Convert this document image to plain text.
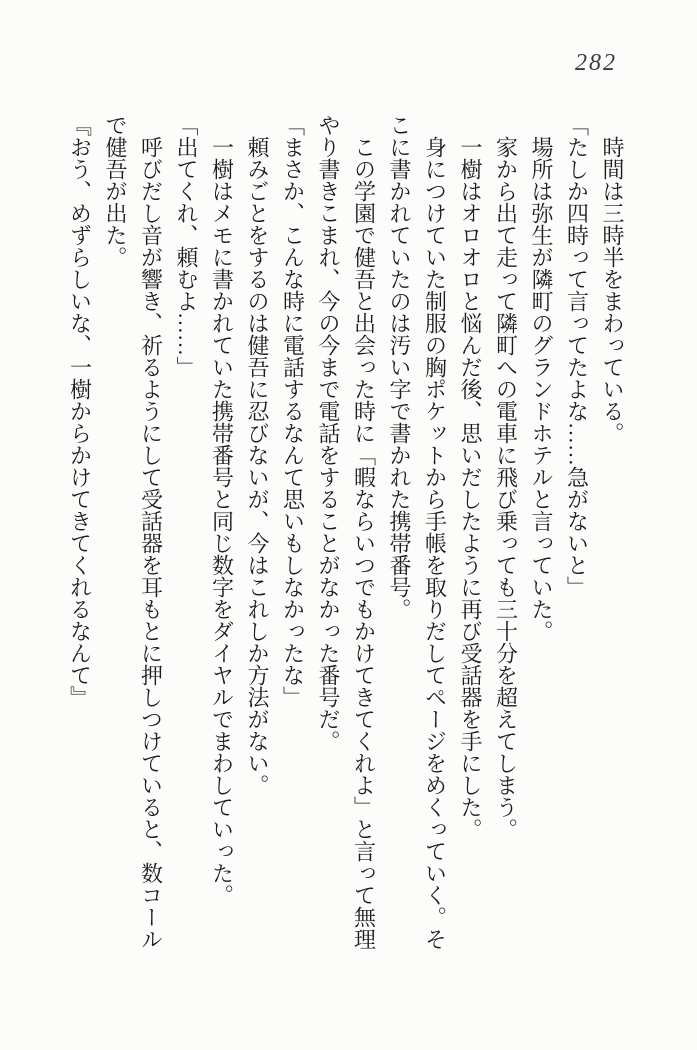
282

時間は三時半をまわっている。

「たしか四時って言ってたよな……急がないと」

場所は弥生が隣町のグランドホテルと言っていた。

家から出て走って隣町への電車に飛び乗っても三十分を超えてしまう。

一樹はオロオロと悩んだ後、思いだしたように再び受話器を手にした。

身につけていた制服の胸ポケットから手帳を取りだしてページをめくっていく。そこに書かれていたのは汚い字で書かれた携帯番号。

この学園で健吾と出会った時に「暇ならいつでもかけてきてくれよ」と言って無理やり書きこまれ、今の今まで電話をすることがなかった番号だ。

「まさか、こんな時に電話するなんて思いもしなかったな」

頼みごとをするのは健吾に忍びないが、今はこれしか方法がない。

一樹はメモに書かれていた携帯番号と同じ数字をダイヤルでまわしていった。

「出てくれ、頼むよ……」

呼びだし音が響き、祈るようにして受話器を耳もとに押しつけていると、数コールで健吾が出た。

『おう、めずらしいな、一樹からかけてきてくれるなんて』
